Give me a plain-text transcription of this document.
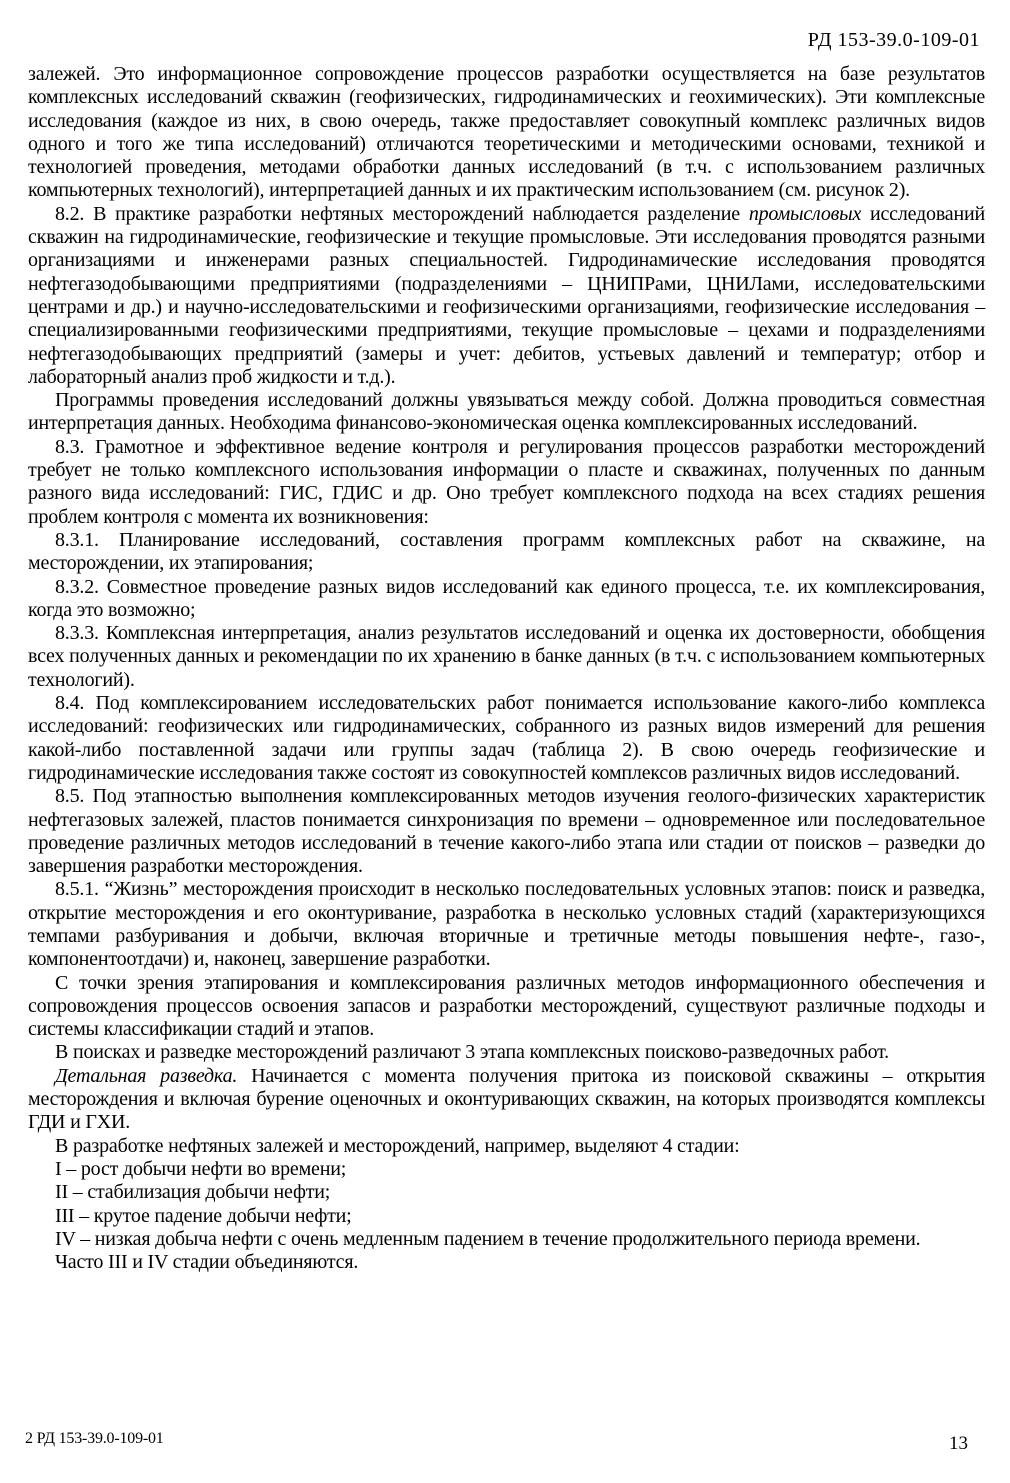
РД 153-39.0-109-01

залежей. Это информационное сопровождение процессов разработки осуществляется на базе результатов комплексных исследований скважин (геофизических, гидродинамических и геохимических). Эти комплексные исследования (каждое из них, в свою очередь, также предоставляет совокупный комплекс различных видов одного и того же типа исследований) отличаются теоретическими и методическими основами, техникой и технологией проведения, методами обработки данных исследований (в т.ч. с использованием различных компьютерных технологий), интерпретацией данных и их практическим использованием (см. рисунок 2).

8.2. В практике разработки нефтяных месторождений наблюдается разделение промысловых исследований скважин на гидродинамические, геофизические и текущие промысловые. Эти исследования проводятся разными организациями и инженерами разных специальностей. Гидродинамические исследования проводятся нефтегазодобывающими предприятиями (подразделениями – ЦНИПРами, ЦНИЛами, исследовательскими центрами и др.) и научно-исследовательскими и геофизическими организациями, геофизические исследования – специализированными геофизическими предприятиями, текущие промысловые – цехами и подразделениями нефтегазодобывающих предприятий (замеры и учет: дебитов, устьевых давлений и температур; отбор и лабораторный анализ проб жидкости и т.д.).

Программы проведения исследований должны увязываться между собой. Должна проводиться совместная интерпретация данных. Необходима финансово-экономическая оценка комплексированных исследований.

8.3. Грамотное и эффективное ведение контроля и регулирования процессов разработки месторождений требует не только комплексного использования информации о пласте и скважинах, полученных по данным разного вида исследований: ГИС, ГДИС и др. Оно требует комплексного подхода на всех стадиях решения проблем контроля с момента их возникновения:

8.3.1. Планирование исследований, составления программ комплексных работ на скважине, на месторождении, их этапирования;

8.3.2. Совместное проведение разных видов исследований как единого процесса, т.е. их комплексирования, когда это возможно;

8.3.3. Комплексная интерпретация, анализ результатов исследований и оценка их достоверности, обобщения всех полученных данных и рекомендации по их хранению в банке данных (в т.ч. с использованием компьютерных технологий).

8.4. Под комплексированием исследовательских работ понимается использование какого-либо комплекса исследований: геофизических или гидродинамических, собранного из разных видов измерений для решения какой-либо поставленной задачи или группы задач (таблица 2). В свою очередь геофизические и гидродинамические исследования также состоят из совокупностей комплексов различных видов исследований.

8.5. Под этапностью выполнения комплексированных методов изучения геолого-физических характеристик нефтегазовых залежей, пластов понимается синхронизация по времени – одновременное или последовательное проведение различных методов исследований в течение какого-либо этапа или стадии от поисков – разведки до завершения разработки месторождения.

8.5.1. “Жизнь” месторождения происходит в несколько последовательных условных этапов: поиск и разведка, открытие месторождения и его оконтуривание, разработка в несколько условных стадий (характеризующихся темпами разбуривания и добычи, включая вторичные и третичные методы повышения нефте-, газо-, компонентоотдачи) и, наконец, завершение разработки.

С точки зрения этапирования и комплексирования различных методов информационного обеспечения и сопровождения процессов освоения запасов и разработки месторождений, существуют различные подходы и системы классификации стадий и этапов.

В поисках и разведке месторождений различают 3 этапа комплексных поисково-разведочных работ.

Детальная разведка. Начинается с момента получения притока из поисковой скважины – открытия месторождения и включая бурение оценочных и оконтуривающих скважин, на которых производятся комплексы ГДИ и ГХИ.

В разработке нефтяных залежей и месторождений, например, выделяют 4 стадии:

I – рост добычи нефти во времени;

II – стабилизация добычи нефти;

III – крутое падение добычи нефти;

IV – низкая добыча нефти с очень медленным падением в течение продолжительного периода времени.

Часто III и IV стадии объединяются.

2 РД 153-39.0-109-01	13
